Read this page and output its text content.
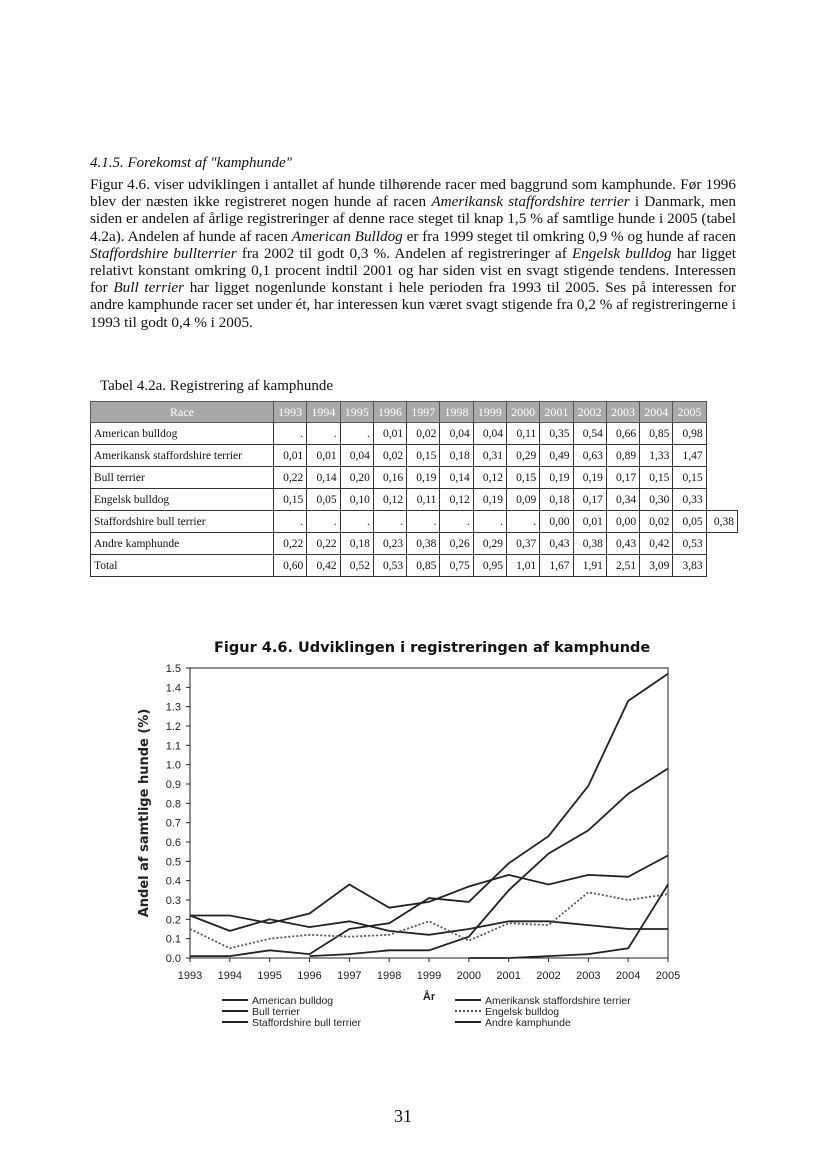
4.1.5. Forekomst af "kamphunde"

Figur 4.6. viser udviklingen i antallet af hunde tilhørende racer med baggrund som kamphunde. Før 1996 blev der næsten ikke registreret nogen hunde af racen Amerikansk staffordshire terrier i Danmark, men siden er andelen af årlige registreringer af denne race steget til knap 1,5 % af samtlige hunde i 2005 (tabel 4.2a). Andelen af hunde af racen American Bulldog er fra 1999 steget til omkring 0,9 % og hunde af racen Staffordshire bullterrier fra 2002 til godt 0,3 %. Andelen af registreringer af Engelsk bulldog har ligget relativt konstant omkring 0,1 procent indtil 2001 og har siden vist en svagt stigende tendens. Interessen for Bull terrier har ligget nogenlunde konstant i hele perioden fra 1993 til 2005. Ses på interessen for andre kamphunde racer set under ét, har interessen kun været svagt stigende fra 0,2 % af registreringerne i 1993 til godt 0,4 % i 2005.

Tabel 4.2a. Registrering af kamphunde
Race	1993	1994	1995	1996	1997	1998	1999	2000	2001	2002	2003	2004	2005	
American bulldog	.	.	.	0,01	0,02	0,04	0,04	0,11	0,35	0,54	0,66	0,85	0,98	
Amerikansk staffordshire terrier	0,01	0,01	0,04	0,02	0,15	0,18	0,31	0,29	0,49	0,63	0,89	1,33	1,47	
Bull terrier	0,22	0,14	0,20	0,16	0,19	0,14	0,12	0,15	0,19	0,19	0,17	0,15	0,15	
Engelsk bulldog	0,15	0,05	0,10	0,12	0,11	0,12	0,19	0,09	0,18	0,17	0,34	0,30	0,33	
Staffordshire bull terrier	.	.	.	.	.	.	.	.	0,00	0,01	0,00	0,02	0,05	0,38
Andre kamphunde	0,22	0,22	0,18	0,23	0,38	0,26	0,29	0,37	0,43	0,38	0,43	0,42	0,53	
Total	0,60	0,42	0,52	0,53	0,85	0,75	0,95	1,01	1,67	1,91	2,51	3,09	3,83	
Figur 4.6. Udviklingen i registreringen af kamphunde
0.0
0.1
0.2
0.3
0.4
0.5
0.6
0.7
0.8
0.9
1.0
1.1
1.2
1.3
1.4
1.5
1993 1994 1995 1996 1997 1998 1999 2000 2001 2002 2003 2004 2005
Andel af samtlige hunde (%)
År
American bulldog	Amerikansk staffordshire terrier
Bull terrier	Engelsk bulldog
Staffordshire bull terrier	Andre kamphunde
31
